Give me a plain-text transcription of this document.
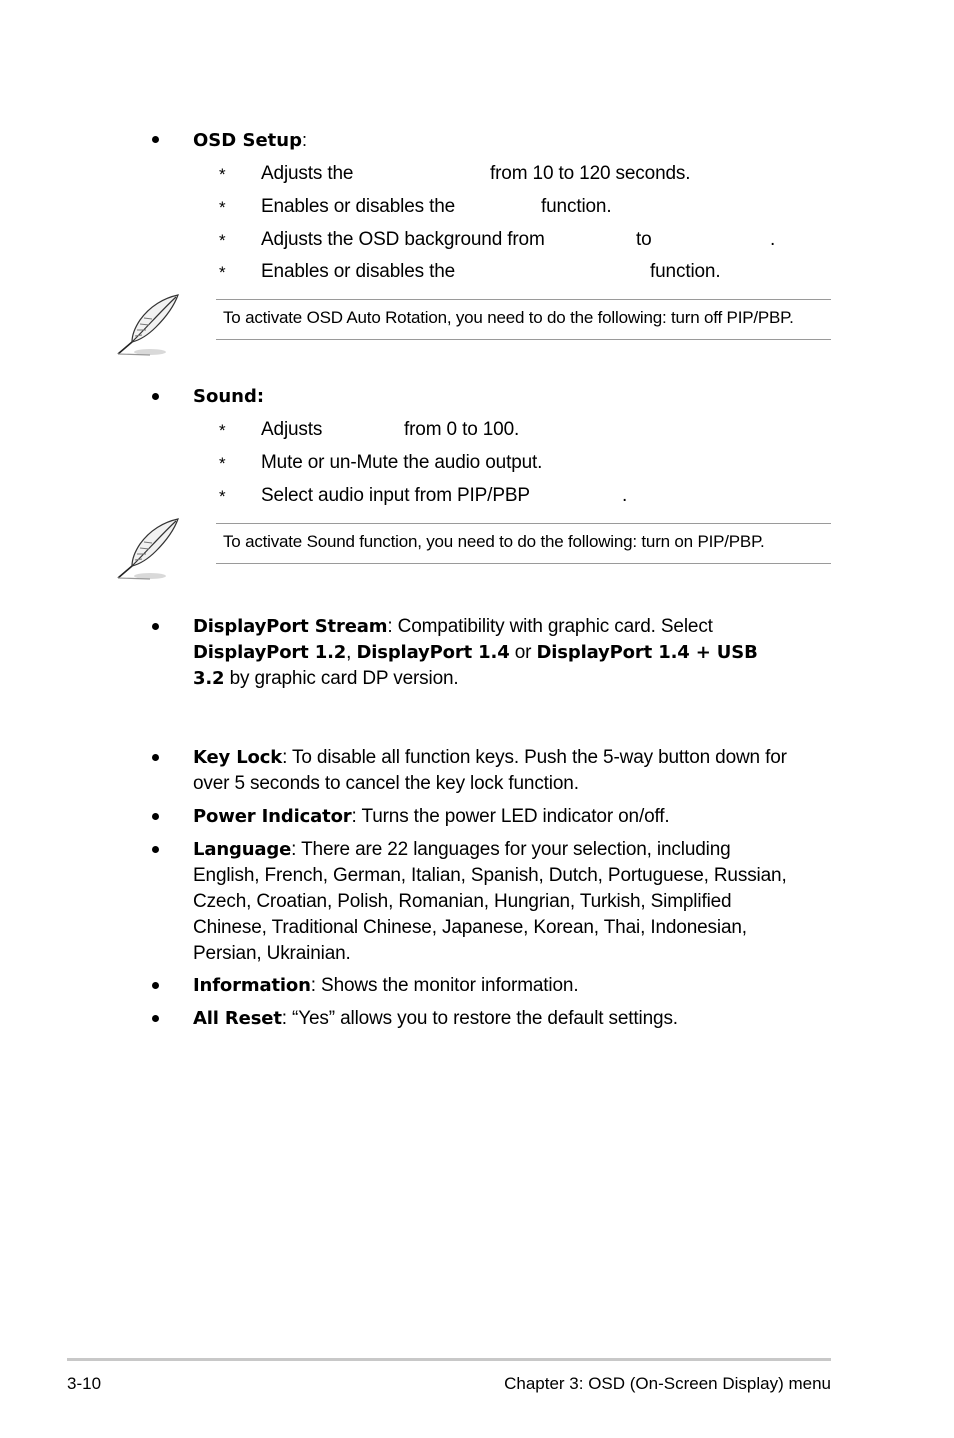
OSD Setup:
* Adjusts the	from 10 to 120 seconds.
* Enables or disables the	function.
* Adjusts the OSD background from	to	.
* Enables or disables the	function.
To activate OSD Auto Rotation, you need to do the following: turn off PIP/PBP.
Sound:
* Adjusts	from 0 to 100.
* Mute or un-Mute the audio output.
* Select audio input from PIP/PBP	.
To activate Sound function, you need to do the following: turn on PIP/PBP.
DisplayPort Stream: Compatibility with graphic card. Select
DisplayPort 1.2, DisplayPort 1.4 or DisplayPort 1.4 + USB
3.2 by graphic card DP version.
Key Lock: To disable all function keys. Push the 5-way button down for
over 5 seconds to cancel the key lock function.
Power Indicator: Turns the power LED indicator on/off.
Language: There are 22 languages for your selection, including
English, French, German, Italian, Spanish, Dutch, Portuguese, Russian,
Czech, Croatian, Polish, Romanian, Hungrian, Turkish, Simplified
Chinese, Traditional Chinese, Japanese, Korean, Thai, Indonesian,
Persian, Ukrainian.
Information: Shows the monitor information.
All Reset: “Yes” allows you to restore the default settings.
3-10	Chapter 3: OSD (On-Screen Display) menu
